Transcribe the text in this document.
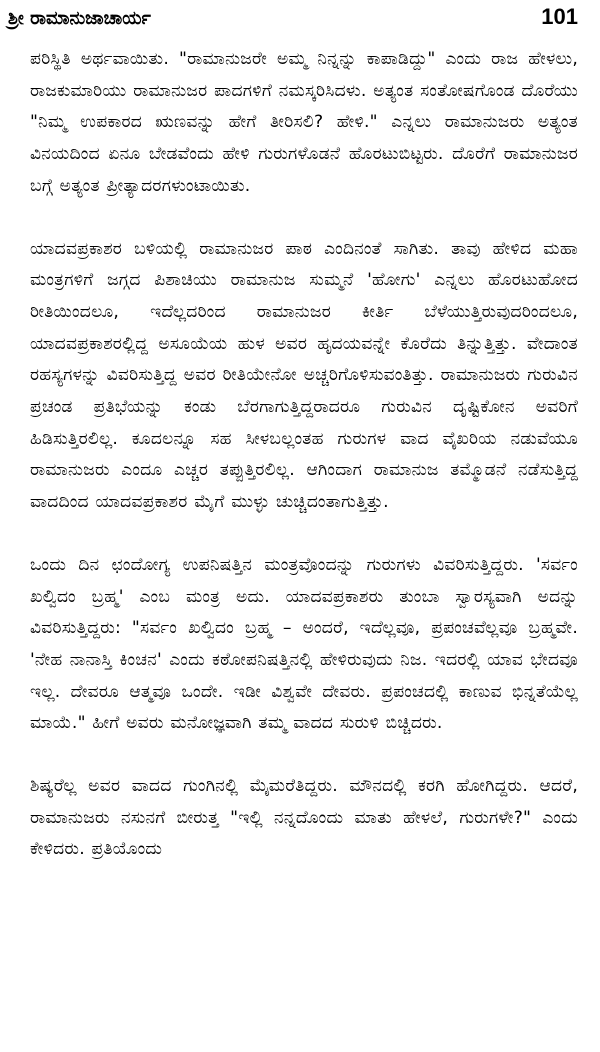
ಶ್ರೀ ರಾಮಾನುಜಾಚಾರ್ಯ	101

ಪರಿಸ್ಥಿತಿ ಅರ್ಥವಾಯಿತು. "ರಾಮಾನುಜರೇ ಅಮ್ಮ ನಿನ್ನನ್ನು ಕಾಪಾಡಿದ್ದು" ಎಂದು ರಾಜ ಹೇಳಲು, ರಾಜಕುಮಾರಿಯು ರಾಮಾನುಜರ ಪಾದಗಳಿಗೆ ನಮಸ್ಕರಿಸಿದಳು. ಅತ್ಯಂತ ಸಂತೋಷಗೊಂಡ ದೊರೆಯು "ನಿಮ್ಮ ಉಪಕಾರದ ಋಣವನ್ನು ಹೇಗೆ ತೀರಿಸಲಿ? ಹೇಳಿ." ಎನ್ನಲು ರಾಮಾನುಜರು ಅತ್ಯಂತ ವಿನಯದಿಂದ ಏನೂ ಬೇಡವೆಂದು ಹೇಳಿ ಗುರುಗಳೊಡನೆ ಹೊರಟುಬಿಟ್ಟರು. ದೊರೆಗೆ ರಾಮಾನುಜರ ಬಗ್ಗೆ ಅತ್ಯಂತ ಪ್ರೀತ್ಯಾದರಗಳುಂಟಾಯಿತು.

ಯಾದವಪ್ರಕಾಶರ ಬಳಿಯಲ್ಲಿ ರಾಮಾನುಜರ ಪಾಠ ಎಂದಿನಂತೆ ಸಾಗಿತು. ತಾವು ಹೇಳಿದ ಮಹಾ ಮಂತ್ರಗಳಿಗೆ ಜಗ್ಗದ ಪಿಶಾಚಿಯು ರಾಮಾನುಜ ಸುಮ್ಮನೆ 'ಹೋಗು' ಎನ್ನಲು ಹೊರಟುಹೋದ ರೀತಿಯಿಂದಲೂ, ಇದೆಲ್ಲದರಿಂದ ರಾಮಾನುಜರ ಕೀರ್ತಿ ಬೆಳೆಯುತ್ತಿರುವುದರಿಂದಲೂ, ಯಾದವಪ್ರಕಾಶರಲ್ಲಿದ್ದ ಅಸೂಯೆಯ ಹುಳ ಅವರ ಹೃದಯವನ್ನೇ ಕೊರೆದು ತಿನ್ನುತ್ತಿತ್ತು. ವೇದಾಂತ ರಹಸ್ಯಗಳನ್ನು ವಿವರಿಸುತ್ತಿದ್ದ ಅವರ ರೀತಿಯೇನೋ ಅಚ್ಚರಿಗೊಳಿಸುವಂತಿತ್ತು. ರಾಮಾನುಜರು ಗುರುವಿನ ಪ್ರಚಂಡ ಪ್ರತಿಭೆಯನ್ನು ಕಂಡು ಬೆರಗಾಗುತ್ತಿದ್ದರಾದರೂ ಗುರುವಿನ ದೃಷ್ಟಿಕೋನ ಅವರಿಗೆ ಹಿಡಿಸುತ್ತಿರಲಿಲ್ಲ. ಕೂದಲನ್ನೂ ಸಹ ಸೀಳಬಲ್ಲಂತಹ ಗುರುಗಳ ವಾದ ವೈಖರಿಯ ನಡುವೆಯೂ ರಾಮಾನುಜರು ಎಂದೂ ಎಚ್ಚರ ತಪ್ಪುತ್ತಿರಲಿಲ್ಲ. ಆಗಿಂದಾಗ ರಾಮಾನುಜ ತಮ್ಮೊಡನೆ ನಡೆಸುತ್ತಿದ್ದ ವಾದದಿಂದ ಯಾದವಪ್ರಕಾಶರ ಮೈಗೆ ಮುಳ್ಳು ಚುಚ್ಚಿದಂತಾಗುತ್ತಿತ್ತು.

ಒಂದು ದಿನ ಛಂದೋಗ್ಯ ಉಪನಿಷತ್ತಿನ ಮಂತ್ರವೊಂದನ್ನು ಗುರುಗಳು ವಿವರಿಸುತ್ತಿದ್ದರು. 'ಸರ್ವಂ ಖಲ್ವಿದಂ ಬ್ರಹ್ಮ' ಎಂಬ ಮಂತ್ರ ಅದು. ಯಾದವಪ್ರಕಾಶರು ತುಂಬಾ ಸ್ವಾರಸ್ಯವಾಗಿ ಅದನ್ನು ವಿವರಿಸುತ್ತಿದ್ದರು: "ಸರ್ವಂ ಖಲ್ವಿದಂ ಬ್ರಹ್ಮ – ಅಂದರೆ, ಇದೆಲ್ಲವೂ, ಪ್ರಪಂಚವೆಲ್ಲವೂ ಬ್ರಹ್ಮವೇ. 'ನೇಹ ನಾನಾಸ್ತಿ ಕಿಂಚನ' ಎಂದು ಕಠೋಪನಿಷತ್ತಿನಲ್ಲಿ ಹೇಳಿರುವುದು ನಿಜ. ಇದರಲ್ಲಿ ಯಾವ ಭೇದವೂ ಇಲ್ಲ. ದೇವರೂ ಆತ್ಮವೂ ಒಂದೇ. ಇಡೀ ವಿಶ್ವವೇ ದೇವರು. ಪ್ರಪಂಚದಲ್ಲಿ ಕಾಣುವ ಭಿನ್ನತೆಯೆಲ್ಲ ಮಾಯೆ." ಹೀಗೆ ಅವರು ಮನೋಜ್ಞವಾಗಿ ತಮ್ಮ ವಾದದ ಸುರುಳಿ ಬಿಚ್ಚಿದರು.

ಶಿಷ್ಯರೆಲ್ಲ ಅವರ ವಾದದ ಗುಂಗಿನಲ್ಲಿ ಮೈಮರೆತಿದ್ದರು. ಮೌನದಲ್ಲಿ ಕರಗಿ ಹೋಗಿದ್ದರು. ಆದರೆ, ರಾಮಾನುಜರು ನಸುನಗೆ ಬೀರುತ್ತ "ಇಲ್ಲಿ ನನ್ನದೊಂದು ಮಾತು ಹೇಳಲೆ, ಗುರುಗಳೇ?" ಎಂದು ಕೇಳಿದರು. ಪ್ರತಿಯೊಂದು
